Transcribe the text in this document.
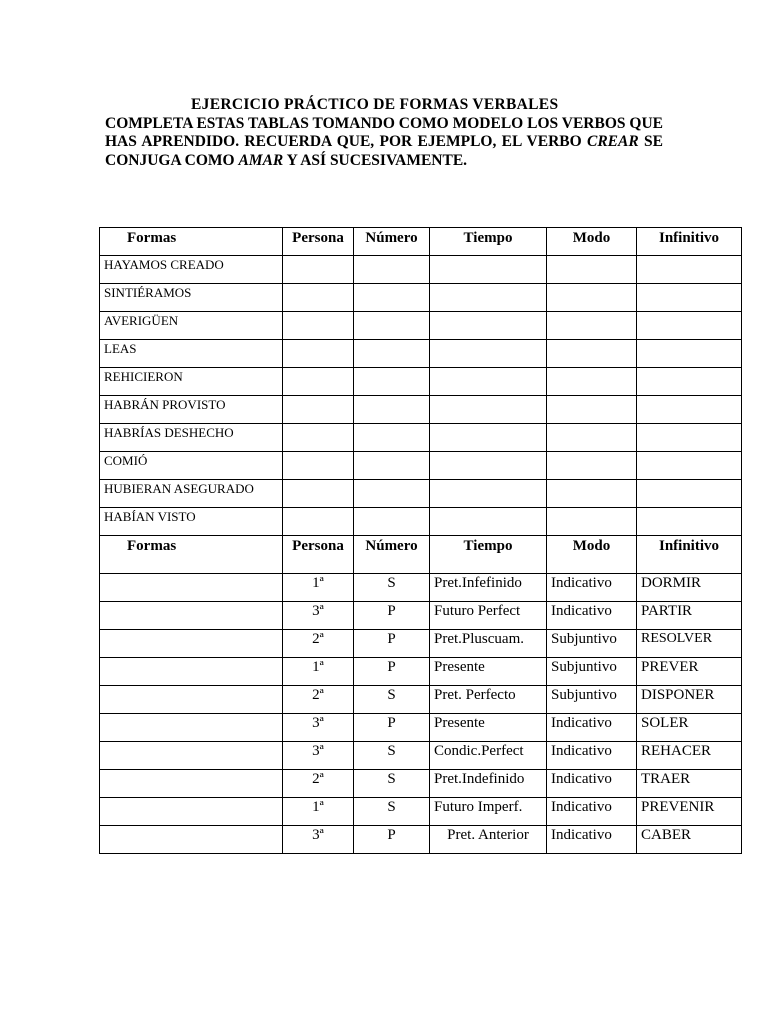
EJERCICIO PRÁCTICO DE FORMAS VERBALES
COMPLETA ESTAS TABLAS TOMANDO COMO MODELO LOS VERBOS QUE HAS APRENDIDO. RECUERDA QUE, POR EJEMPLO, EL VERBO CREAR SE CONJUGA COMO AMAR Y ASÍ SUCESIVAMENTE.
Formas	Persona	Número	Tiempo	Modo	Infinitivo
HAYAMOS CREADO					
SINTIÉRAMOS					
AVERIGÜEN					
LEAS					
REHICIERON					
HABRÁN PROVISTO					
HABRÍAS DESHECHO					
COMIÓ					
HUBIERAN ASEGURADO					
HABÍAN VISTO					
Formas	Persona	Número	Tiempo	Modo	Infinitivo
	1ª	S	Pret.Infefinido	Indicativo	DORMIR
	3ª	P	Futuro Perfect	Indicativo	PARTIR
	2ª	P	Pret.Pluscuam.	Subjuntivo	RESOLVER
	1ª	P	Presente	Subjuntivo	PREVER
	2ª	S	Pret. Perfecto	Subjuntivo	DISPONER
	3ª	P	Presente	Indicativo	SOLER
	3ª	S	Condic.Perfect	Indicativo	REHACER
	2ª	S	Pret.Indefinido	Indicativo	TRAER
	1ª	S	Futuro Imperf.	Indicativo	PREVENIR
	3ª	P	Pret. Anterior	Indicativo	CABER
